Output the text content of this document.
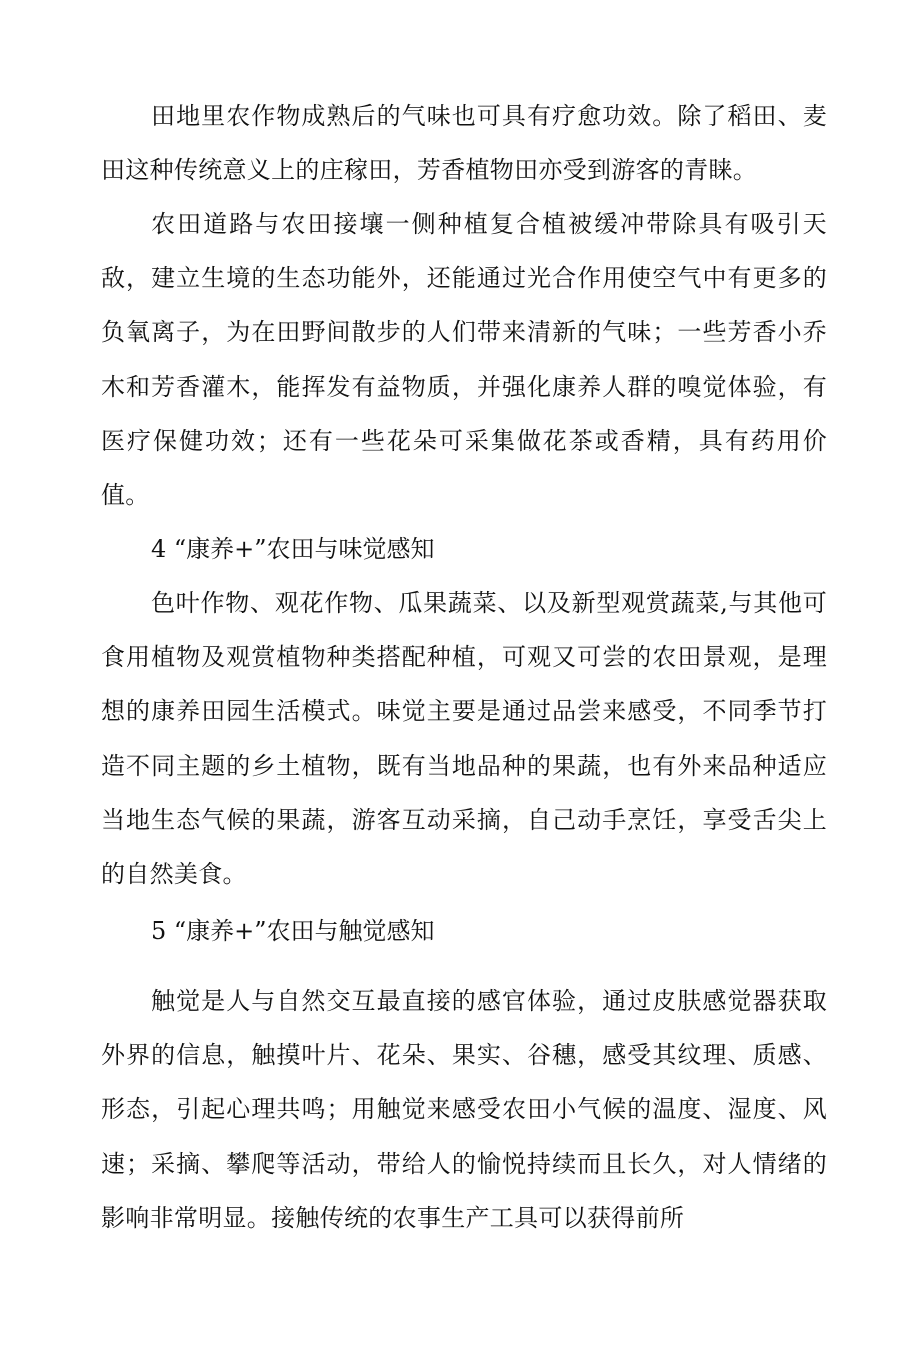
田地里农作物成熟后的气味也可具有疗愈功效。除了稻田、麦田这种传统意义上的庄稼田，芳香植物田亦受到游客的青睐。

农田道路与农田接壤一侧种植复合植被缓冲带除具有吸引天敌，建立生境的生态功能外，还能通过光合作用使空气中有更多的负氧离子，为在田野间散步的人们带来清新的气味；一些芳香小乔木和芳香灌木，能挥发有益物质，并强化康养人群的嗅觉体验，有医疗保健功效；还有一些花朵可采集做花茶或香精，具有药用价值。

4 “康养+”农田与味觉感知

色叶作物、观花作物、瓜果蔬菜、以及新型观赏蔬菜,与其他可食用植物及观赏植物种类搭配种植，可观又可尝的农田景观，是理想的康养田园生活模式。味觉主要是通过品尝来感受，不同季节打造不同主题的乡土植物，既有当地品种的果蔬，也有外来品种适应当地生态气候的果蔬，游客互动采摘，自己动手烹饪，享受舌尖上的自然美食。

5 “康养+”农田与触觉感知

触觉是人与自然交互最直接的感官体验，通过皮肤感觉器获取外界的信息，触摸叶片、花朵、果实、谷穗，感受其纹理、质感、形态，引起心理共鸣；用触觉来感受农田小气候的温度、湿度、风速；采摘、攀爬等活动，带给人的愉悦持续而且长久，对人情绪的影响非常明显。接触传统的农事生产工具可以获得前所
